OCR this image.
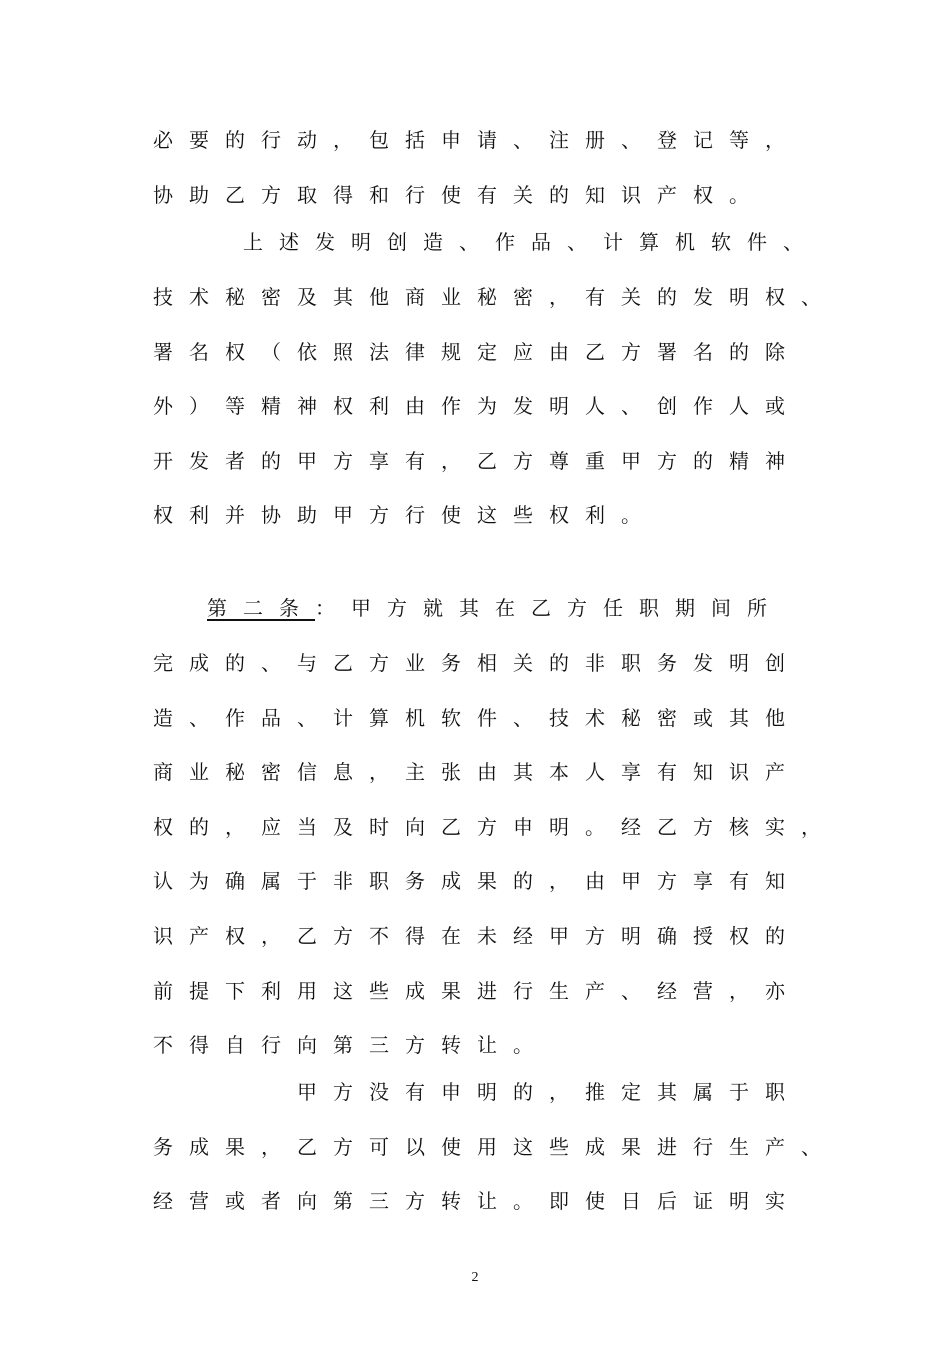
必要的行动，包括申请、注册、登记等，
协助乙方取得和行使有关的知识产权。
上述发明创造、作品、计算机软件、
技术秘密及其他商业秘密，有关的发明权、
署名权（依照法律规定应由乙方署名的除
外）等精神权利由作为发明人、创作人或
开发者的甲方享有，乙方尊重甲方的精神
权利并协助甲方行使这些权利。
第二条：甲方就其在乙方任职期间所
完成的、与乙方业务相关的非职务发明创
造、作品、计算机软件、技术秘密或其他
商业秘密信息，主张由其本人享有知识产
权的，应当及时向乙方申明。经乙方核实，
认为确属于非职务成果的，由甲方享有知
识产权，乙方不得在未经甲方明确授权的
前提下利用这些成果进行生产、经营，亦
不得自行向第三方转让。
甲方没有申明的，推定其属于职
务成果，乙方可以使用这些成果进行生产、
经营或者向第三方转让。即使日后证明实
2
